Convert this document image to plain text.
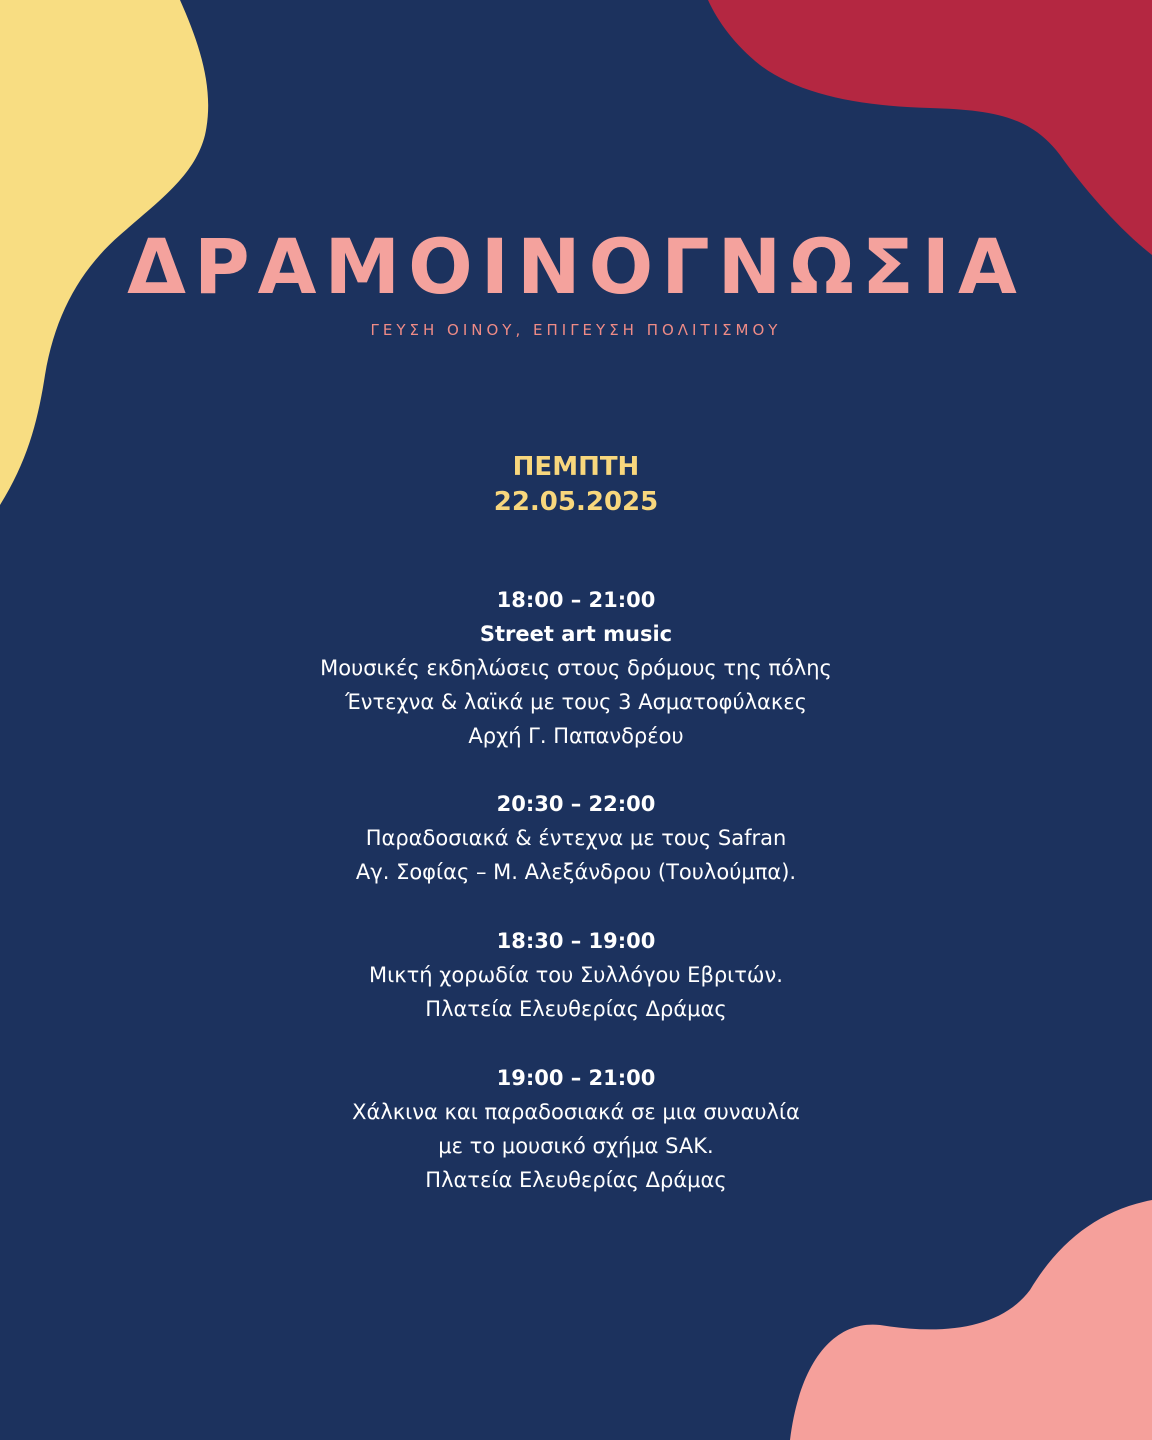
ΔΡΑΜΟΙΝΟΓΝΩΣΙΑ
ΓΕΥΣΗ ΟΙΝΟΥ, ΕΠΙΓΕΥΣΗ ΠΟΛΙΤΙΣΜΟΥ
ΠΕΜΠΤΗ
22.05.2025
18:00 – 21:00
Street art music
Μουσικές εκδηλώσεις στους δρόμους της πόλης
Έντεχνα & λαϊκά με τους 3 Ασματοφύλακες
Αρχή Γ. Παπανδρέου
20:30 – 22:00
Παραδοσιακά & έντεχνα με τους Safran
Αγ. Σοφίας – Μ. Αλεξάνδρου (Τουλούμπα).
18:30 – 19:00
Μικτή χορωδία του Συλλόγου Εβριτών.
Πλατεία Ελευθερίας Δράμας
19:00 – 21:00
Χάλκινα και παραδοσιακά σε μια συναυλία
με το μουσικό σχήμα SAK.
Πλατεία Ελευθερίας Δράμας
